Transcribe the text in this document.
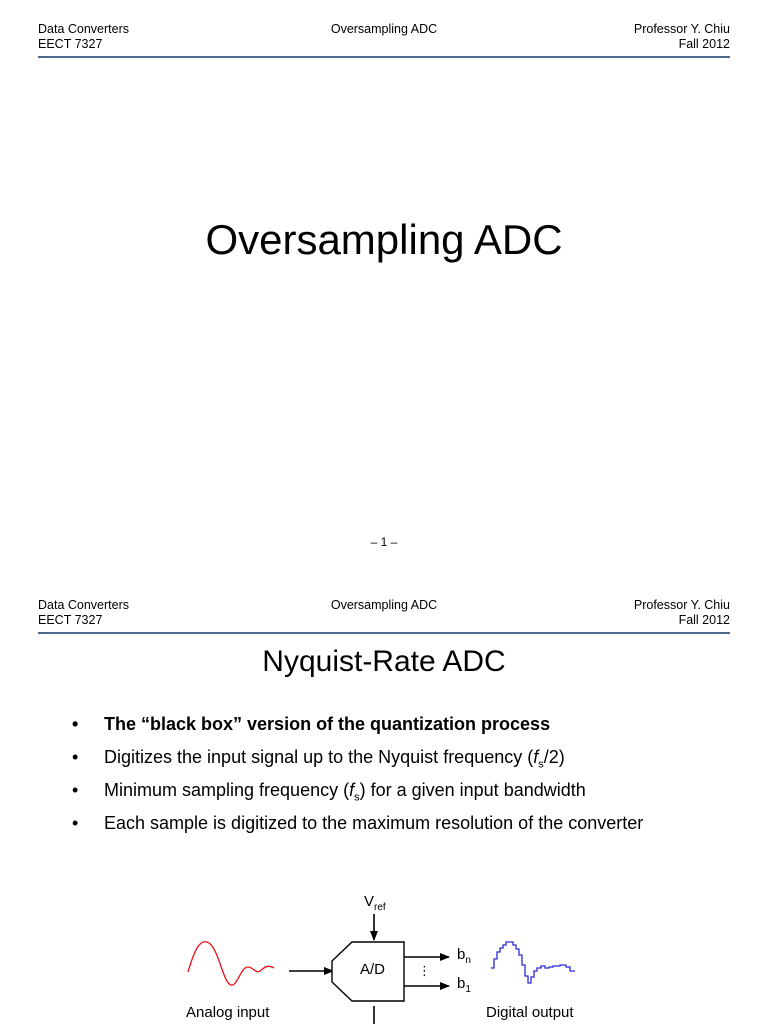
Data Converters
EECT 7327
Oversampling ADC	Professor Y. Chiu
Fall 2012
Oversampling ADC
– 1 –
Data Converters
EECT 7327
Oversampling ADC	Professor Y. Chiu
Fall 2012
Nyquist-Rate ADC
• The “black box” version of the quantization process
• Digitizes the input signal up to the Nyquist frequency $(f_s/2)$
• Minimum sampling frequency $(f_s)$ for a given input bandwidth
• Each sample is digitized to the maximum resolution of the converter
$V_{ref}$
A/D	⋮
$b_n$
$b_1$
Analog input	Digital output
